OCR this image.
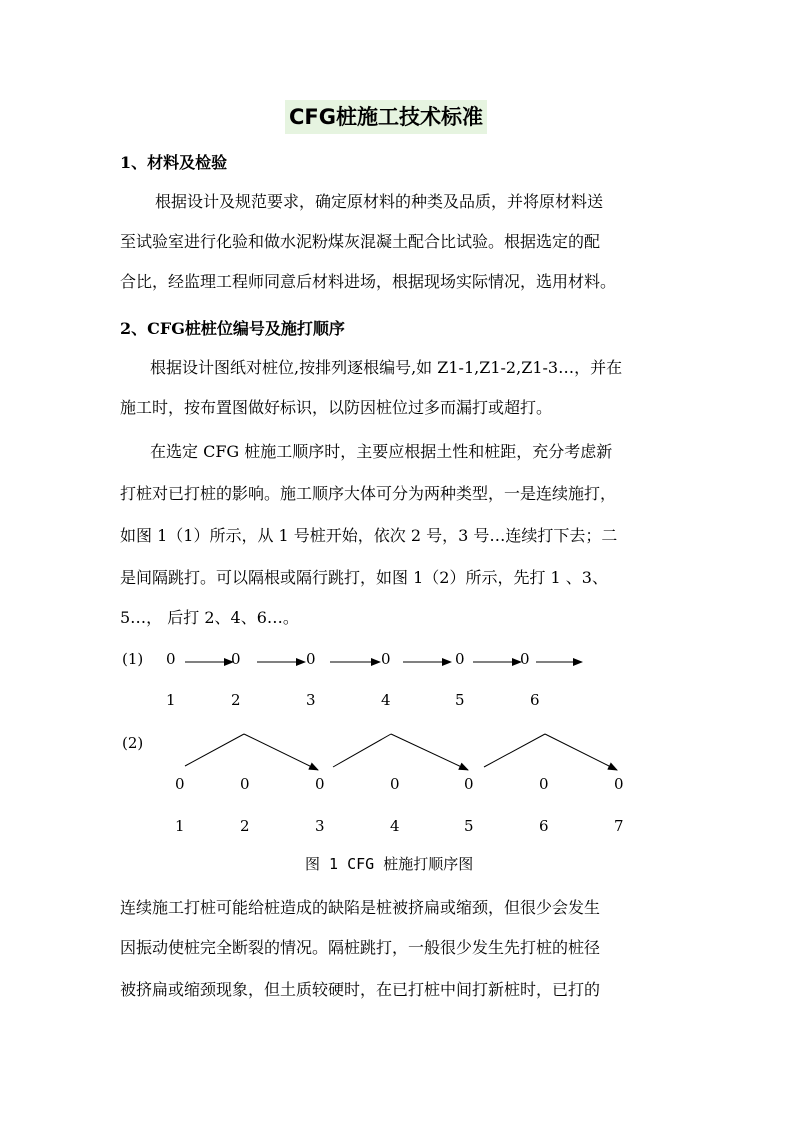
CFG桩施工技术标准
1、材料及检验
根据设计及规范要求，确定原材料的种类及品质，并将原材料送
至试验室进行化验和做水泥粉煤灰混凝土配合比试验。根据选定的配
合比，经监理工程师同意后材料进场，根据现场实际情况，选用材料。
2、CFG桩桩位编号及施打顺序
根据设计图纸对桩位,按排列逐根编号,如 Z1-1,Z1-2,Z1-3…，并在
施工时，按布置图做好标识，以防因桩位过多而漏打或超打。
在选定 CFG 桩施工顺序时，主要应根据土性和桩距，充分考虑新
打桩对已打桩的影响。施工顺序大体可分为两种类型，一是连续施打，
如图 1（1）所示，从 1 号桩开始，依次 2 号，3 号…连续打下去；二
是间隔跳打。可以隔根或隔行跳打，如图 1（2）所示，先打 1 、3、
5…， 后打 2、4、6…。
(1) 0	0	0	0	0	0
1	2	3	4	5	6
(2)
0	0	0	0	0	0	0
1	2	3	4	5	6	7
图 1 CFG 桩施打顺序图
连续施工打桩可能给桩造成的缺陷是桩被挤扁或缩颈，但很少会发生
因振动使桩完全断裂的情况。隔桩跳打，一般很少发生先打桩的桩径
被挤扁或缩颈现象，但土质较硬时，在已打桩中间打新桩时，已打的
